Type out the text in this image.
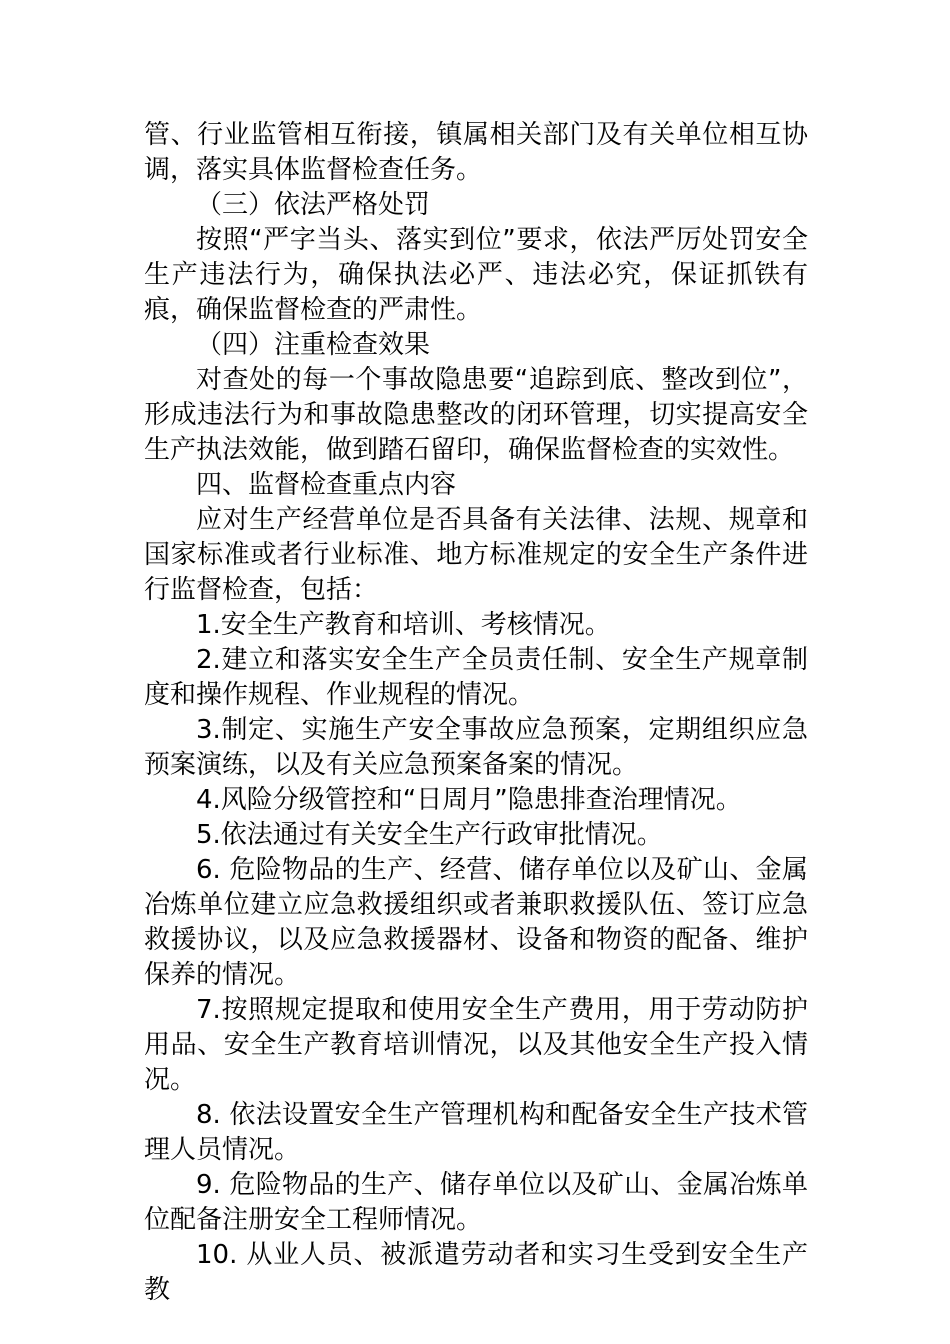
管、行业监管相互衔接，镇属相关部门及有关单位相互协调，落实具体监督检查任务。

（三）依法严格处罚

按照“严字当头、落实到位”要求，依法严厉处罚安全生产违法行为，确保执法必严、违法必究，保证抓铁有痕，确保监督检查的严肃性。

（四）注重检查效果

对查处的每一个事故隐患要“追踪到底、整改到位”，形成违法行为和事故隐患整改的闭环管理，切实提高安全生产执法效能，做到踏石留印，确保监督检查的实效性。

四、监督检查重点内容

应对生产经营单位是否具备有关法律、法规、规章和国家标准或者行业标准、地方标准规定的安全生产条件进行监督检查，包括：

1.安全生产教育和培训、考核情况。

2.建立和落实安全生产全员责任制、安全生产规章制度和操作规程、作业规程的情况。

3.制定、实施生产安全事故应急预案，定期组织应急预案演练，以及有关应急预案备案的情况。

4.风险分级管控和“日周月”隐患排查治理情况。

5.依法通过有关安全生产行政审批情况。

6. 危险物品的生产、经营、储存单位以及矿山、金属冶炼单位建立应急救援组织或者兼职救援队伍、签订应急救援协议，以及应急救援器材、设备和物资的配备、维护保养的情况。

7.按照规定提取和使用安全生产费用，用于劳动防护用品、安全生产教育培训情况，以及其他安全生产投入情况。

8. 依法设置安全生产管理机构和配备安全生产技术管理人员情况。

9. 危险物品的生产、储存单位以及矿山、金属冶炼单位配备注册安全工程师情况。

10. 从业人员、被派遣劳动者和实习生受到安全生产教
